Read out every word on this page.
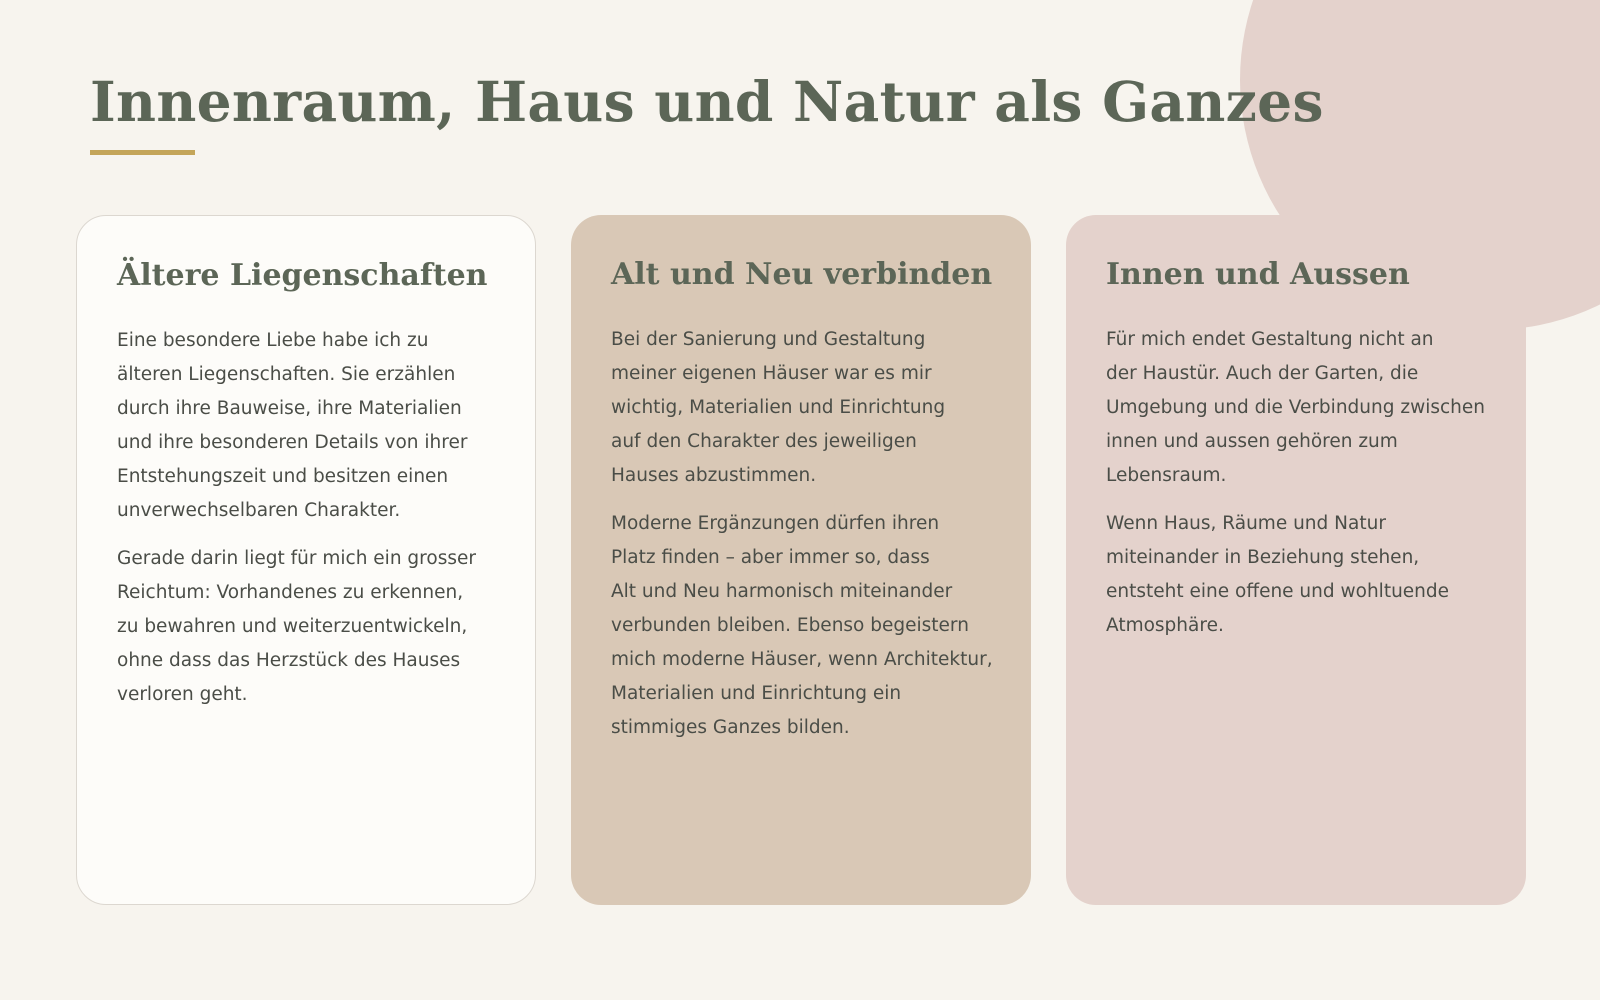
Innenraum, Haus und Natur als Ganzes
Ältere Liegenschaften

Eine besondere Liebe habe ich zu
älteren Liegenschaften. Sie erzählen
durch ihre Bauweise, ihre Materialien
und ihre besonderen Details von ihrer
Entstehungszeit und besitzen einen
unverwechselbaren Charakter.

Gerade darin liegt für mich ein grosser
Reichtum: Vorhandenes zu erkennen,
zu bewahren und weiterzuentwickeln,
ohne dass das Herzstück des Hauses
verloren geht.

Alt und Neu verbinden

Bei der Sanierung und Gestaltung
meiner eigenen Häuser war es mir
wichtig, Materialien und Einrichtung
auf den Charakter des jeweiligen
Hauses abzustimmen.

Moderne Ergänzungen dürfen ihren
Platz finden – aber immer so, dass
Alt und Neu harmonisch miteinander
verbunden bleiben. Ebenso begeistern
mich moderne Häuser, wenn Architektur,
Materialien und Einrichtung ein
stimmiges Ganzes bilden.

Innen und Aussen

Für mich endet Gestaltung nicht an
der Haustür. Auch der Garten, die
Umgebung und die Verbindung zwischen
innen und aussen gehören zum
Lebensraum.

Wenn Haus, Räume und Natur
miteinander in Beziehung stehen,
entsteht eine offene und wohltuende
Atmosphäre.
